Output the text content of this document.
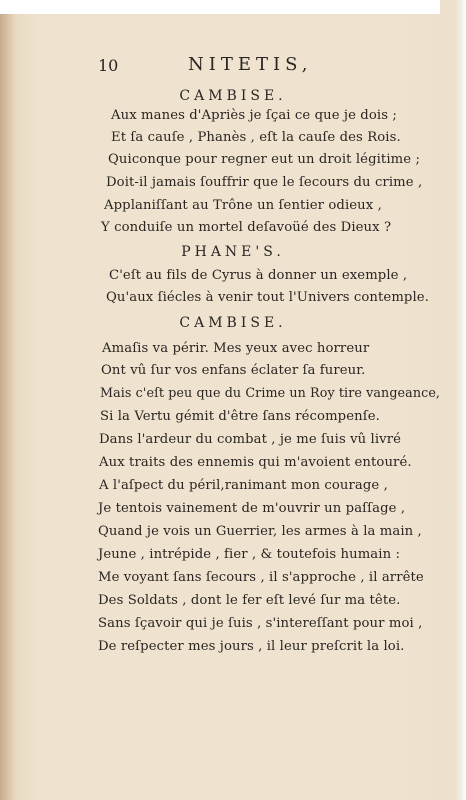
10	NITETIS,
CAMBISE.
Aux manes d'Apriès je ſçai ce que je dois ;
Et ſa cauſe , Phanès , eſt la cauſe des Rois.
Quiconque pour regner eut un droit légitime ;
Doit-il jamais ſouffrir que le ſecours du crime ,
Applaniſſant au Trône un ſentier odieux ,
Y conduiſe un mortel deſavoüé des Dieux ?
PHANE'S.
C'eſt au fils de Cyrus à donner un exemple ,
Qu'aux ſiécles à venir tout l'Univers contemple.
CAMBISE.
Amaſis va périr. Mes yeux avec horreur
Ont vû ſur vos enfans éclater ſa fureur.
Mais c'eſt peu que du Crime un Roy tire vangeance,
Si la Vertu gémit d'être ſans récompenſe.
Dans l'ardeur du combat , je me ſuis vû livré
Aux traits des ennemis qui m'avoient entouré.
A l'aſpect du péril,ranimant mon courage ,
Je tentois vainement de m'ouvrir un paſſage ,
Quand je vois un Guerrier, les armes à la main ,
Jeune , intrépide , fier , & toutefois humain :
Me voyant ſans ſecours , il s'approche , il arrête
Des Soldats , dont le fer eſt levé ſur ma tête.
Sans ſçavoir qui je ſuis , s'intereſſant pour moi ,
De reſpecter mes jours , il leur preſcrit la loi.
